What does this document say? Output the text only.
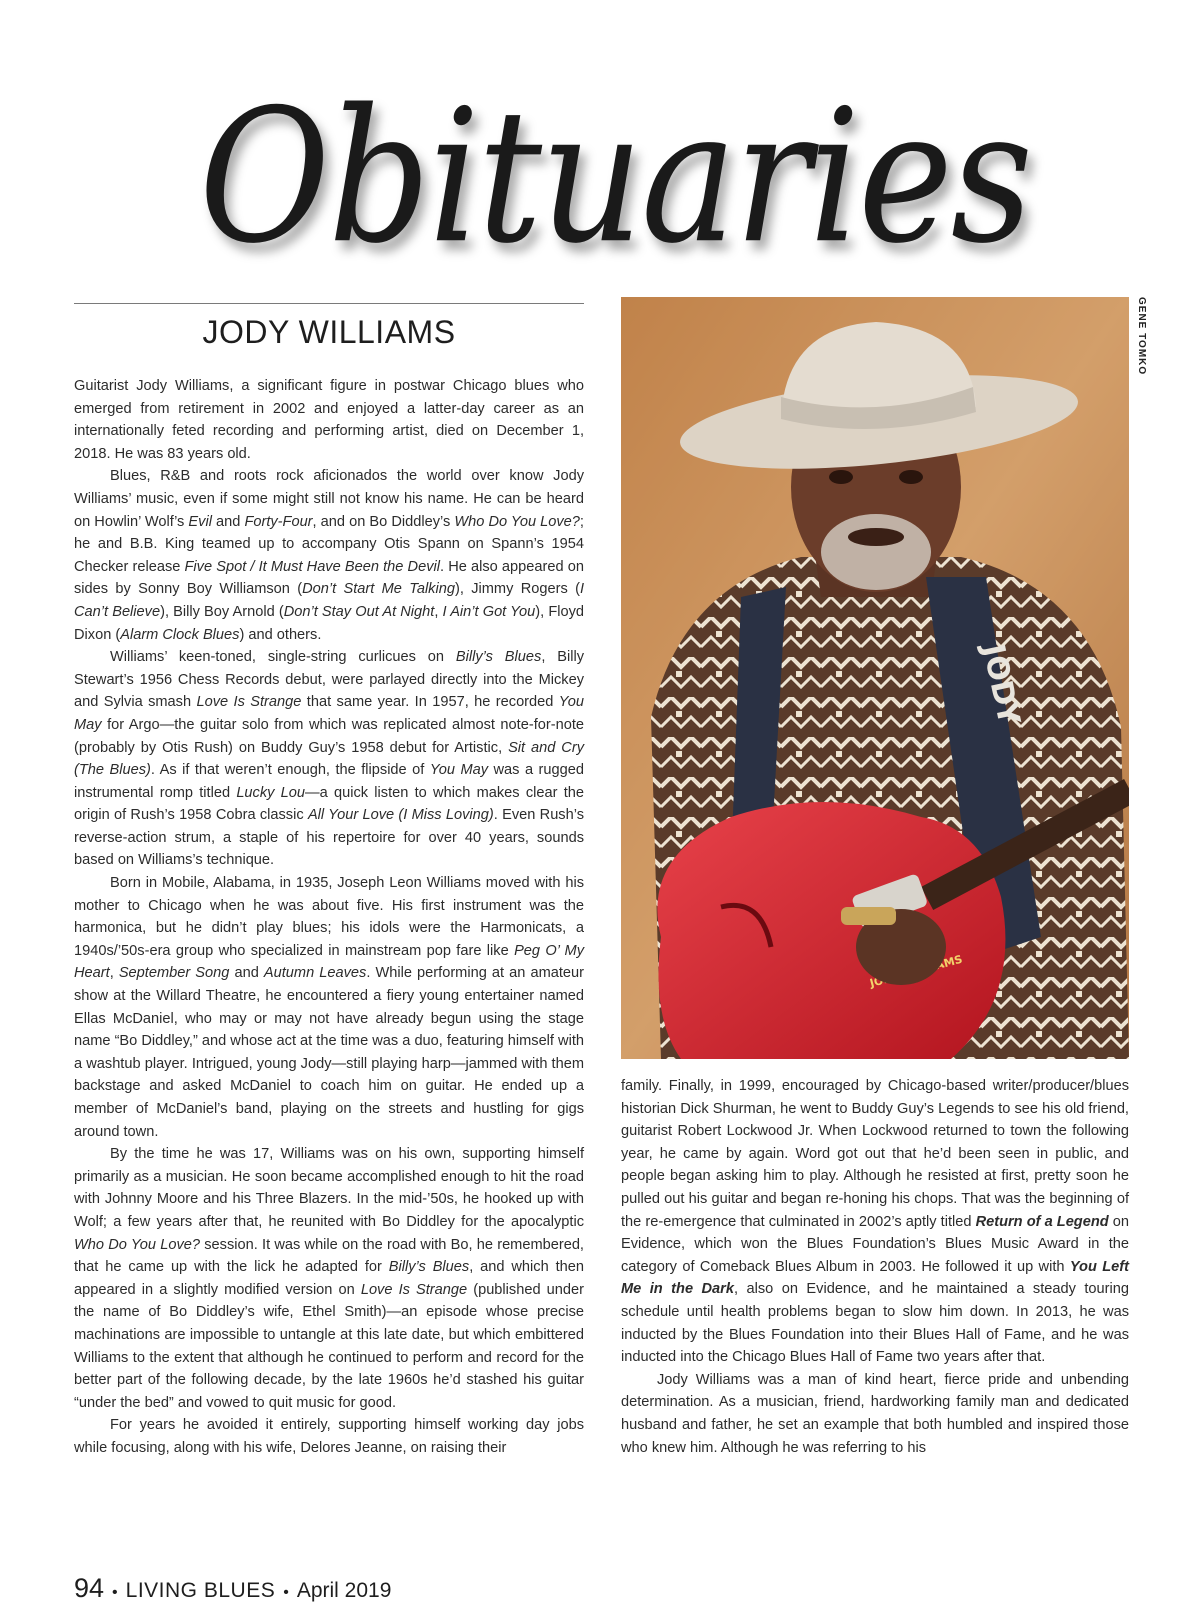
Obituaries
JODY WILLIAMS

Guitarist Jody Williams, a significant figure in postwar Chicago blues who emerged from retirement in 2002 and enjoyed a latter-day career as an internationally feted recording and performing artist, died on December 1, 2018. He was 83 years old.

Blues, R&B and roots rock aficionados the world over know Jody Williams’ music, even if some might still not know his name. He can be heard on Howlin’ Wolf’s Evil and Forty-Four, and on Bo Diddley’s Who Do You Love?; he and B.B. King teamed up to accompany Otis Spann on Spann’s 1954 Checker release Five Spot / It Must Have Been the Devil. He also appeared on sides by Sonny Boy Williamson (Don’t Start Me Talking), Jimmy Rogers (I Can’t Believe), Billy Boy Arnold (Don’t Stay Out At Night, I Ain’t Got You), Floyd Dixon (Alarm Clock Blues) and others.

Williams’ keen-toned, single-string curlicues on Billy’s Blues, Billy Stewart’s 1956 Chess Records debut, were parlayed directly into the Mickey and Sylvia smash Love Is Strange that same year. In 1957, he recorded You May for Argo—the guitar solo from which was replicated almost note-for-note (probably by Otis Rush) on Buddy Guy’s 1958 debut for Artistic, Sit and Cry (The Blues). As if that weren’t enough, the flipside of You May was a rugged instrumental romp titled Lucky Lou—a quick listen to which makes clear the origin of Rush’s 1958 Cobra classic All Your Love (I Miss Loving). Even Rush’s reverse-action strum, a staple of his repertoire for over 40 years, sounds based on Williams’s technique.

Born in Mobile, Alabama, in 1935, Joseph Leon Williams moved with his mother to Chicago when he was about five. His first instrument was the harmonica, but he didn’t play blues; his idols were the Harmonicats, a 1940s/’50s-era group who specialized in mainstream pop fare like Peg O’ My Heart, September Song and Autumn Leaves. While performing at an amateur show at the Willard Theatre, he encountered a fiery young entertainer named Ellas McDaniel, who may or may not have already begun using the stage name “Bo Diddley,” and whose act at the time was a duo, featuring himself with a washtub player. Intrigued, young Jody—still playing harp—jammed with them backstage and asked McDaniel to coach him on guitar. He ended up a member of McDaniel’s band, playing on the streets and hustling for gigs around town.

By the time he was 17, Williams was on his own, supporting himself primarily as a musician. He soon became accomplished enough to hit the road with Johnny Moore and his Three Blazers. In the mid-’50s, he hooked up with Wolf; a few years after that, he reunited with Bo Diddley for the apocalyptic Who Do You Love? session. It was while on the road with Bo, he remembered, that he came up with the lick he adapted for Billy’s Blues, and which then appeared in a slightly modified version on Love Is Strange (published under the name of Bo Diddley’s wife, Ethel Smith)—an episode whose precise machinations are impossible to untangle at this late date, but which embittered Williams to the extent that although he continued to perform and record for the better part of the following decade, by the late 1960s he’d stashed his guitar “under the bed” and vowed to quit music for good.

For years he avoided it entirely, supporting himself working day jobs while focusing, along with his wife, Delores Jeanne, on raising their

JODY
GENE TOMKO

family. Finally, in 1999, encouraged by Chicago-based writer/producer/blues historian Dick Shurman, he went to Buddy Guy’s Legends to see his old friend, guitarist Robert Lockwood Jr. When Lockwood returned to town the following year, he came by again. Word got out that he’d been seen in public, and people began asking him to play. Although he resisted at first, pretty soon he pulled out his guitar and began re-honing his chops. That was the beginning of the re-emergence that culminated in 2002’s aptly titled Return of a Legend on Evidence, which won the Blues Foundation’s Blues Music Award in the category of Comeback Blues Album in 2003. He followed it up with You Left Me in the Dark, also on Evidence, and he maintained a steady touring schedule until health problems began to slow him down. In 2013, he was inducted by the Blues Foundation into their Blues Hall of Fame, and he was inducted into the Chicago Blues Hall of Fame two years after that.

Jody Williams was a man of kind heart, fierce pride and unbending determination. As a musician, friend, hardworking family man and dedicated husband and father, he set an example that both humbled and inspired those who knew him. Although he was referring to his

94 • LIVING BLUES • April 2019
